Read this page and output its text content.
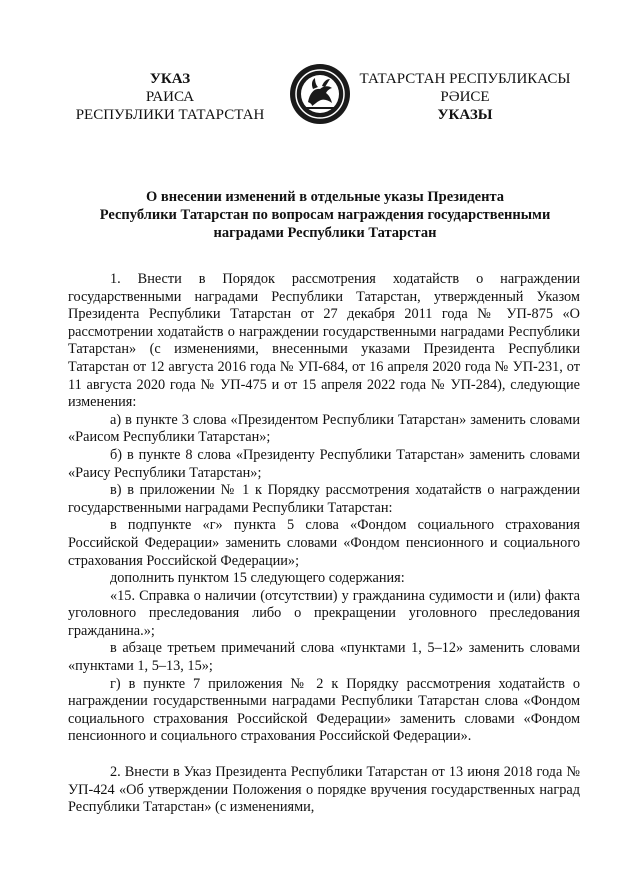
УКАЗ
РАИСА
РЕСПУБЛИКИ ТАТАРСТАН
ТАТАРСТАН РЕСПУБЛИКАСЫ
РӘИСЕ
УКАЗЫ
О внесении изменений в отдельные указы Президента
Республики Татарстан по вопросам награждения государственными
наградами Республики Татарстан

1. Внести в Порядок рассмотрения ходатайств о награждении государственными наградами Республики Татарстан, утвержденный Указом Президента Республики Татарстан от 27 декабря 2011 года № УП-875 «О рассмотрении ходатайств о награждении государственными наградами Республики Татарстан» (с изменениями, внесенными указами Президента Республики Татарстан от 12 августа 2016 года № УП-684, от 16 апреля 2020 года № УП-231, от 11 августа 2020 года № УП-475 и от 15 апреля 2022 года № УП-284), следующие изменения:

а) в пункте 3 слова «Президентом Республики Татарстан» заменить словами «Раисом Республики Татарстан»;

б) в пункте 8 слова «Президенту Республики Татарстан» заменить словами «Раису Республики Татарстан»;

в) в приложении № 1 к Порядку рассмотрения ходатайств о награждении государственными наградами Республики Татарстан:

в подпункте «г» пункта 5 слова «Фондом социального страхования Российской Федерации» заменить словами «Фондом пенсионного и социального страхования Российской Федерации»;

дополнить пунктом 15 следующего содержания:

«15. Справка о наличии (отсутствии) у гражданина судимости и (или) факта уголовного преследования либо о прекращении уголовного преследования гражданина.»;

в абзаце третьем примечаний слова «пунктами 1, 5–12» заменить словами «пунктами 1, 5–13, 15»;

г) в пункте 7 приложения № 2 к Порядку рассмотрения ходатайств о награждении государственными наградами Республики Татарстан слова «Фондом социального страхования Российской Федерации» заменить словами «Фондом пенсионного и социального страхования Российской Федерации».

2. Внести в Указ Президента Республики Татарстан от 13 июня 2018 года № УП-424 «Об утверждении Положения о порядке вручения государственных наград Республики Татарстан» (с изменениями,
